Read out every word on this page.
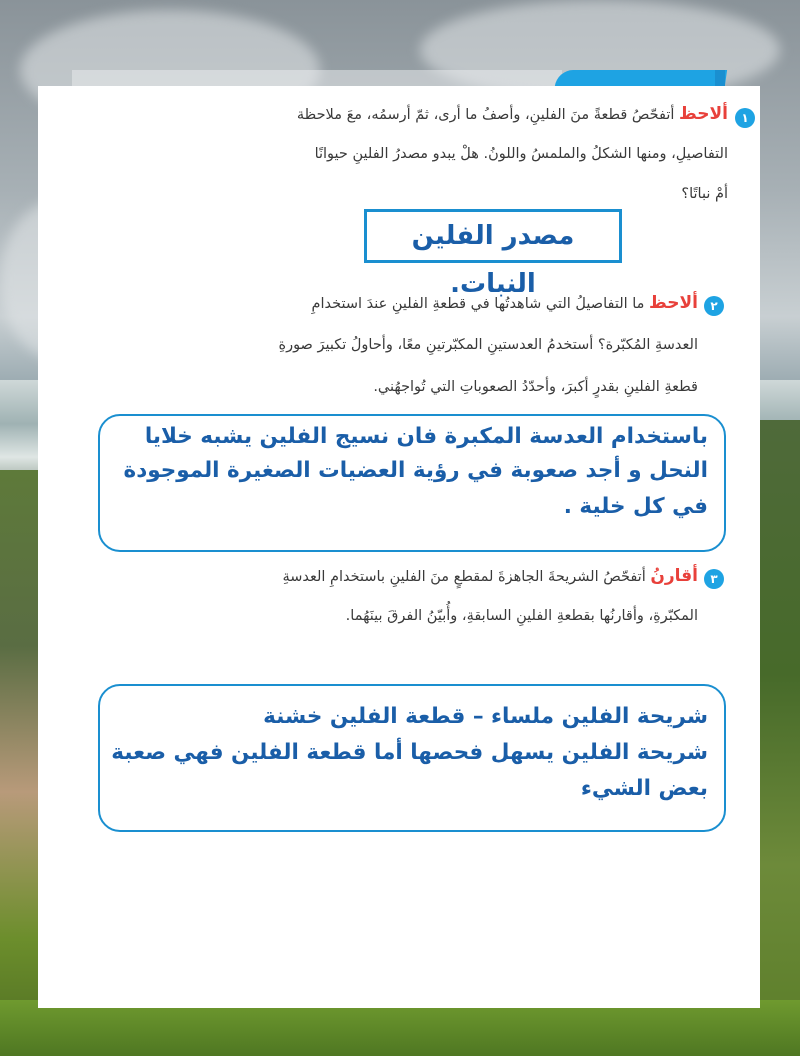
١
ألاحظ أتفحّصُ قطعةً منَ الفلينِ، وأصفُ ما أرى، ثمّ أرسمُه، معَ ملاحظة
التفاصيلِ، ومنها الشكلُ والملمسُ واللونُ. هلْ يبدو مصدرُ الفلينِ حيوانًا
أمْ نباتًا؟
مصدر الفلين النبات.
٢
ألاحظ ما التفاصيلُ التي شاهدتُها في قطعةِ الفلينِ عندَ استخدامِ
العدسةِ المُكبّرة؟ أستخدمُ العدستينِ المكبّرتينِ معًا، وأحاولُ تكبيرَ صورةِ
قطعةِ الفلينِ بقدرٍ أكبرَ، وأحدّدُ الصعوباتِ التي تُواجهُني.
باستخدام العدسة المكبرة فان نسيج الفلين يشبه خلايا
النحل و أجد صعوبة في رؤية العضيات الصغيرة الموجودة
في كل خلية .
٣
أقارنُ أتفحّصُ الشريحةَ الجاهزةَ لمقطعٍ منَ الفلينِ باستخدامِ العدسةِ
المكبّرةِ، وأقارنُها بقطعةِ الفلينِ السابقةِ، وأُبيّنُ الفرقَ بينَهُما.
شريحة الفلين ملساء – قطعة الفلين خشنة
شريحة الفلين يسهل فحصها أما قطعة الفلين فهي صعبة
بعض الشيء
